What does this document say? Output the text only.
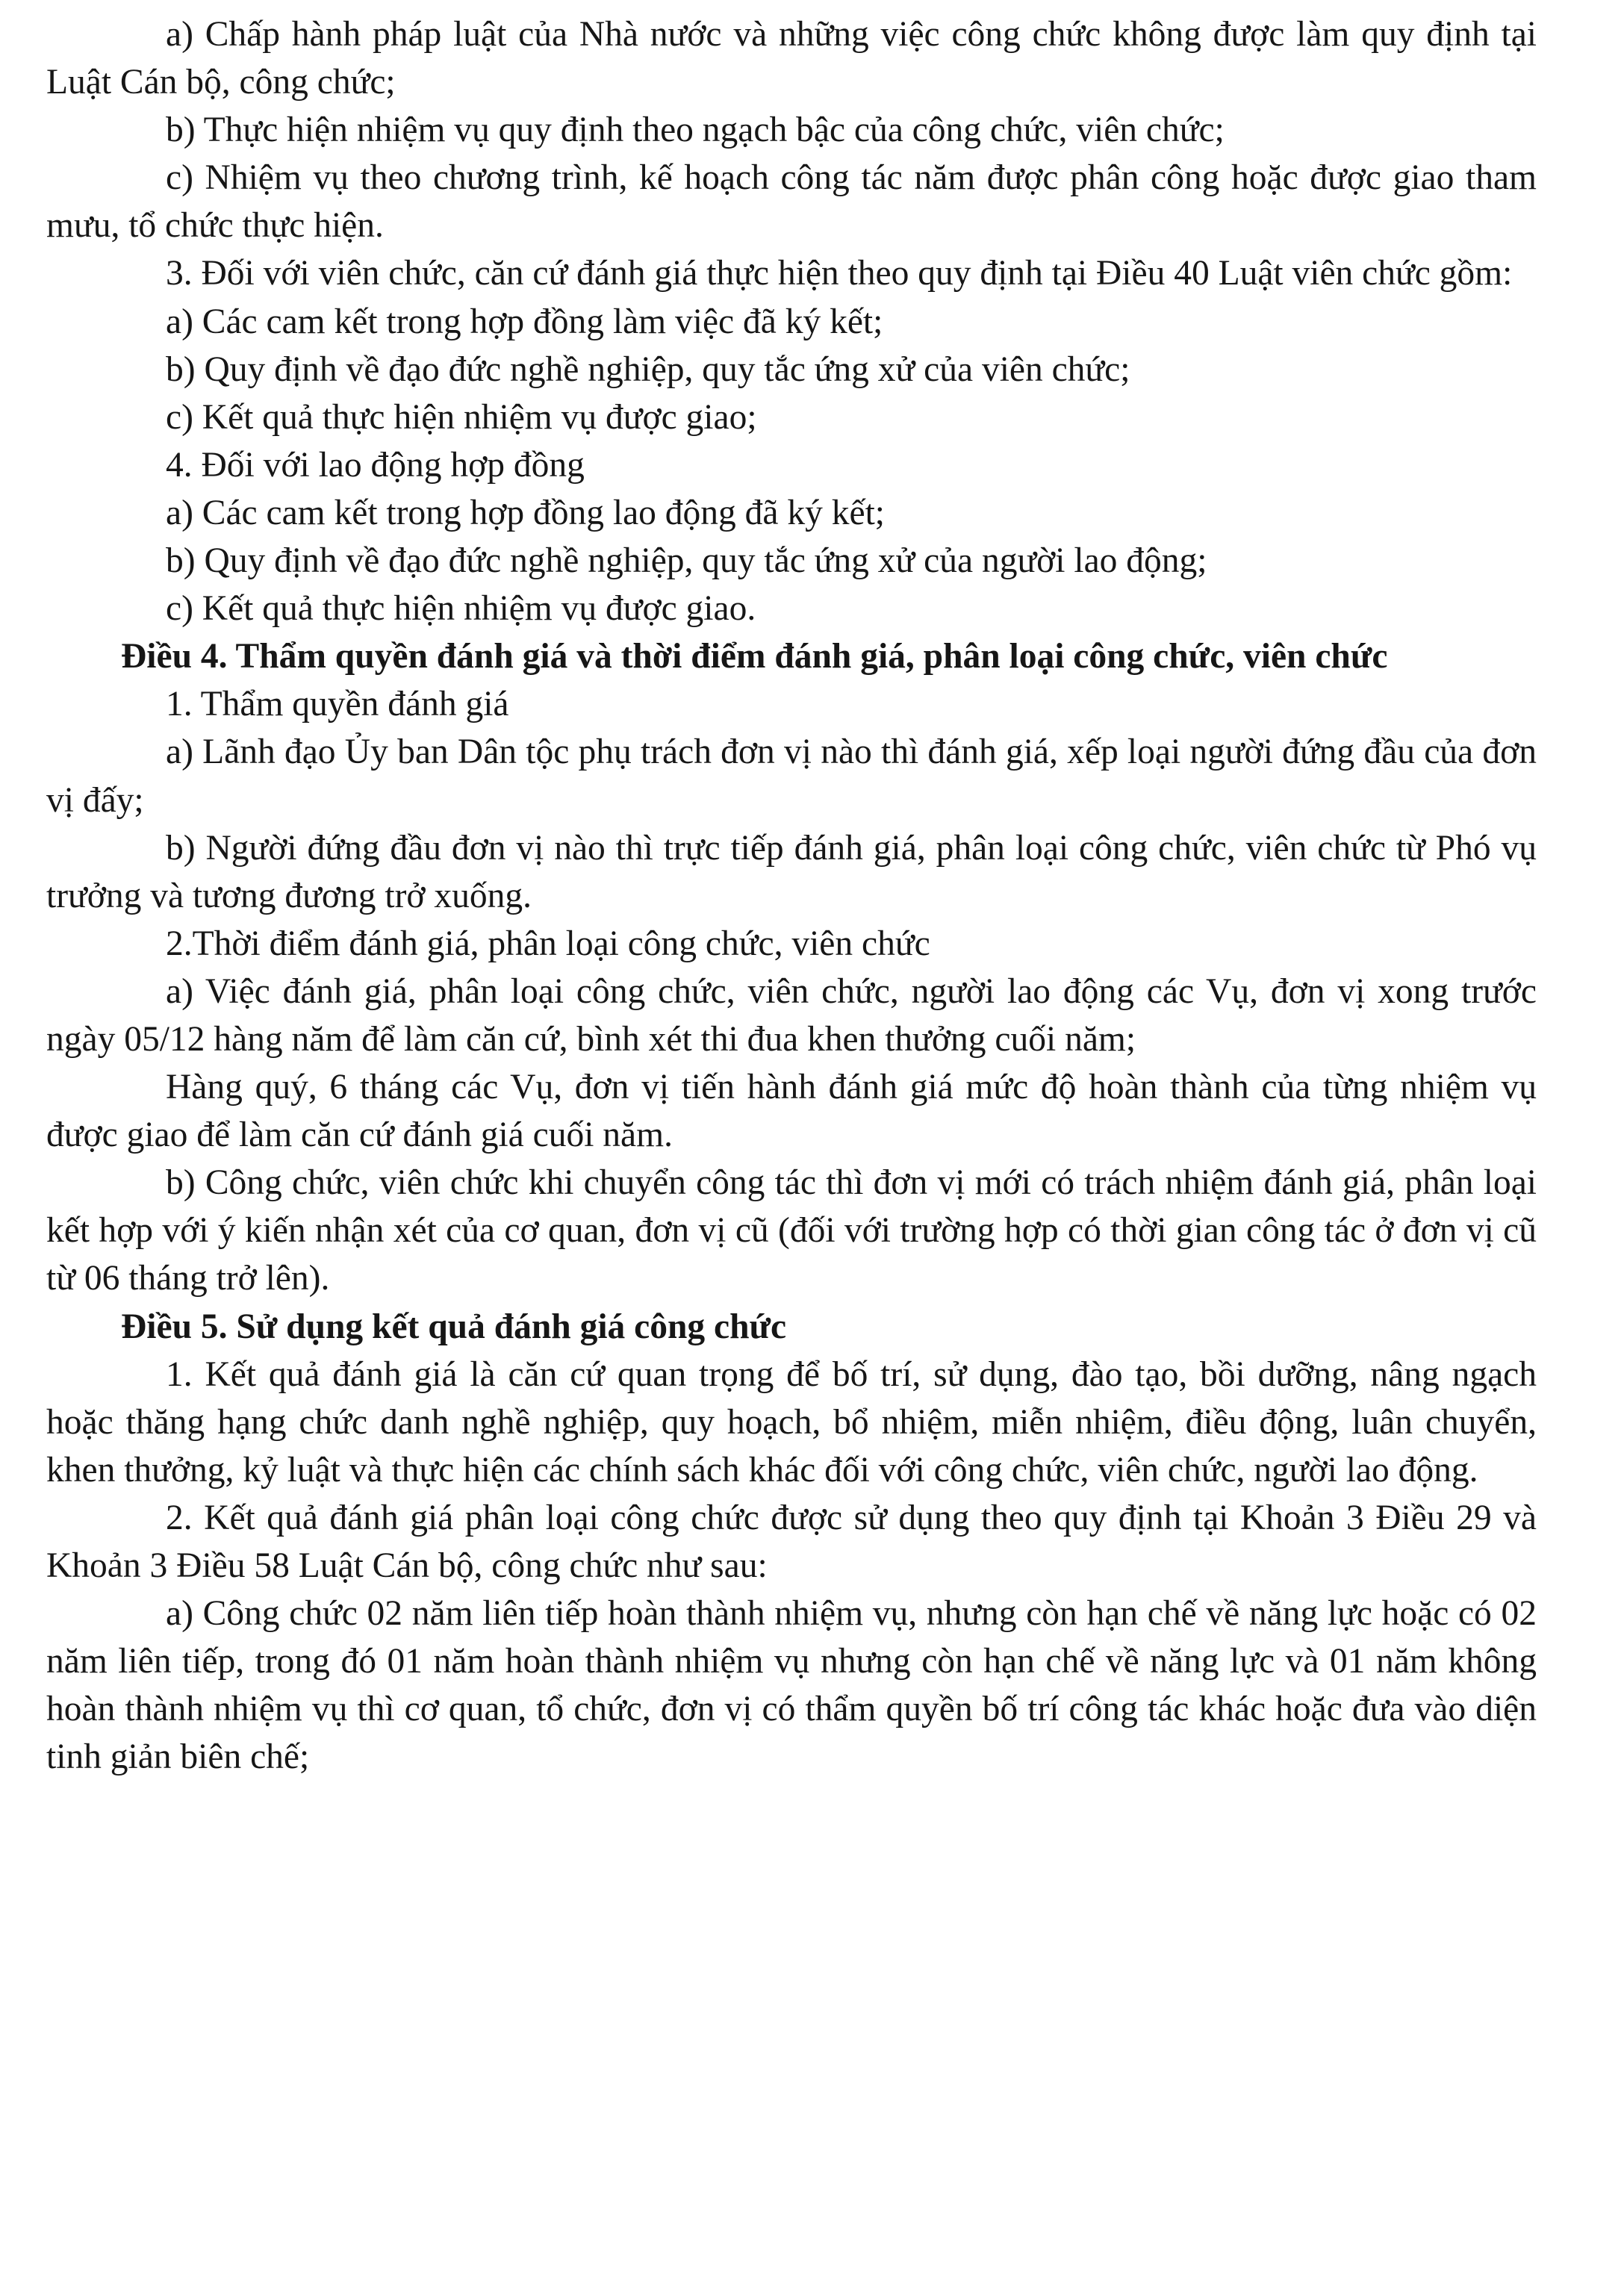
a) Chấp hành pháp luật của Nhà nước và những việc công chức không được làm quy định tại Luật Cán bộ, công chức;

b) Thực hiện nhiệm vụ quy định theo ngạch bậc của công chức, viên chức;

c) Nhiệm vụ theo chương trình, kế hoạch công tác năm được phân công hoặc được giao tham mưu, tổ chức thực hiện.

3. Đối với viên chức, căn cứ đánh giá thực hiện theo quy định tại Điều 40 Luật viên chức gồm:

a) Các cam kết trong hợp đồng làm việc đã ký kết;

b) Quy định về đạo đức nghề nghiệp, quy tắc ứng xử của viên chức;

c) Kết quả thực hiện nhiệm vụ được giao;

4. Đối với lao động hợp đồng

a) Các cam kết trong hợp đồng lao động đã ký kết;

b) Quy định về đạo đức nghề nghiệp, quy tắc ứng xử của người lao động;

c) Kết quả thực hiện nhiệm vụ được giao.

Điều 4. Thẩm quyền đánh giá và thời điểm đánh giá, phân loại công chức, viên chức

1. Thẩm quyền đánh giá

a) Lãnh đạo Ủy ban Dân tộc phụ trách đơn vị nào thì đánh giá, xếp loại người đứng đầu của đơn vị đấy;

b) Người đứng đầu đơn vị nào thì trực tiếp đánh giá, phân loại công chức, viên chức từ Phó vụ trưởng và tương đương trở xuống.

2.Thời điểm đánh giá, phân loại công chức, viên chức

a) Việc đánh giá, phân loại công chức, viên chức, người lao động các Vụ, đơn vị xong trước ngày 05/12 hàng năm để làm căn cứ, bình xét thi đua khen thưởng cuối năm;

Hàng quý, 6 tháng các Vụ, đơn vị tiến hành đánh giá mức độ hoàn thành của từng nhiệm vụ được giao để làm căn cứ đánh giá cuối năm.

b) Công chức, viên chức khi chuyển công tác thì đơn vị mới có trách nhiệm đánh giá, phân loại kết hợp với ý kiến nhận xét của cơ quan, đơn vị cũ (đối với trường hợp có thời gian công tác ở đơn vị cũ từ 06 tháng trở lên).

Điều 5. Sử dụng kết quả đánh giá công chức

1. Kết quả đánh giá là căn cứ quan trọng để bố trí, sử dụng, đào tạo, bồi dưỡng, nâng ngạch hoặc thăng hạng chức danh nghề nghiệp, quy hoạch, bổ nhiệm, miễn nhiệm, điều động, luân chuyển, khen thưởng, kỷ luật và thực hiện các chính sách khác đối với công chức, viên chức, người lao động.

2. Kết quả đánh giá phân loại công chức được sử dụng theo quy định tại Khoản 3 Điều 29 và Khoản 3 Điều 58 Luật Cán bộ, công chức như sau:

a) Công chức 02 năm liên tiếp hoàn thành nhiệm vụ, nhưng còn hạn chế về năng lực hoặc có 02 năm liên tiếp, trong đó 01 năm hoàn thành nhiệm vụ nhưng còn hạn chế về năng lực và 01 năm không hoàn thành nhiệm vụ thì cơ quan, tổ chức, đơn vị có thẩm quyền bố trí công tác khác hoặc đưa vào diện tinh giản biên chế;
